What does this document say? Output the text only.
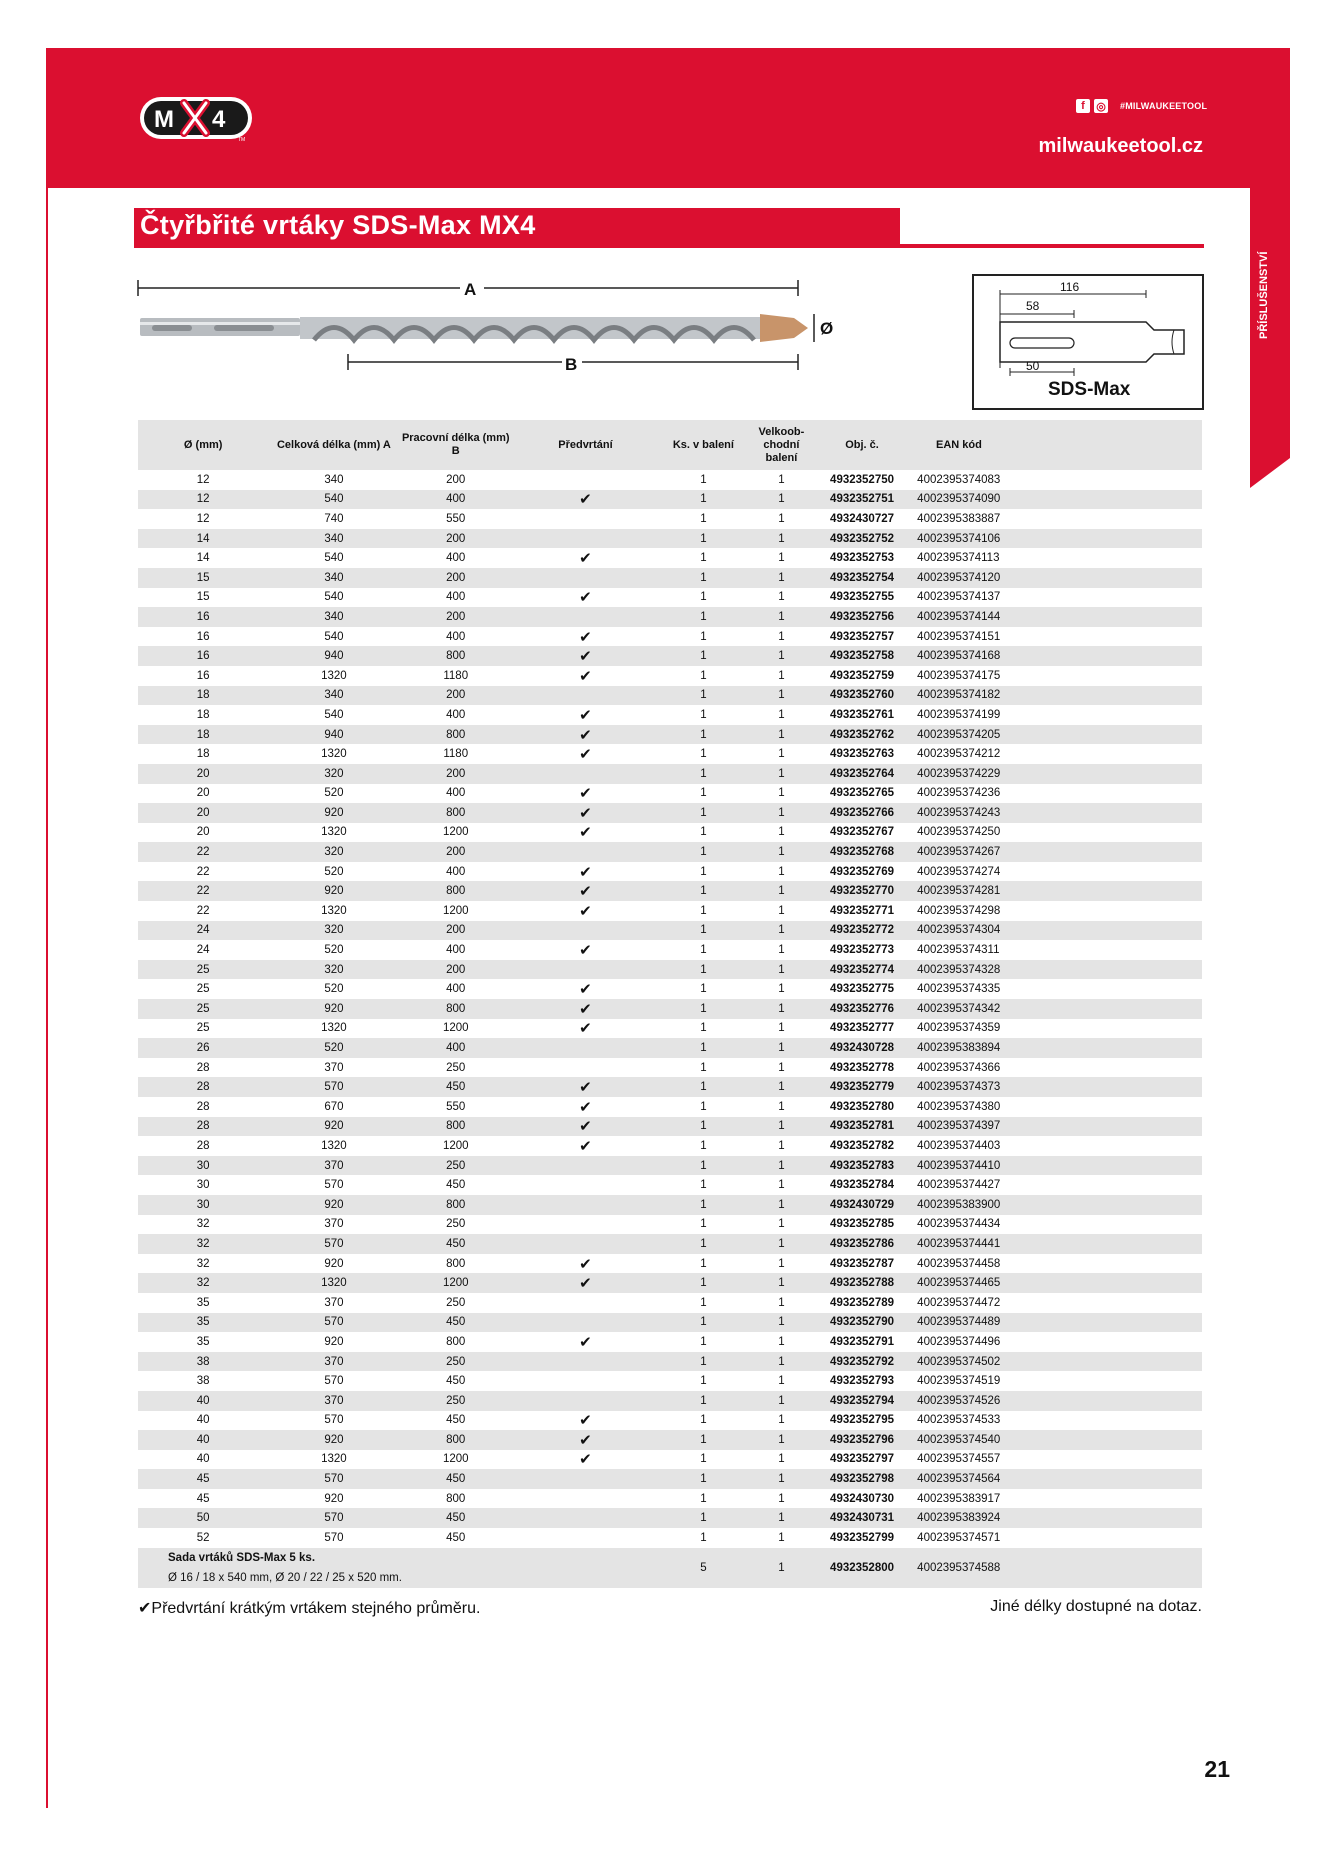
M 4
TM
f	◎ #MILWAUKEETOOL
milwaukeetool.cz
PŘÍSLUŠENSTVÍ
Čtyřbřité vrtáky SDS-Max MX4
A
Ø
B
116
58
50
SDS-Max
Ø (mm)	Celková délka (mm) A	Pracovní délka (mm) B	Předvrtání	Ks. v balení	Velkoob-chodní balení	Obj. č.	EAN kód	
12	340	200		1	1	4932352750	4002395374083	
12	540	400	✔	1	1	4932352751	4002395374090	
12	740	550		1	1	4932430727	4002395383887	
14	340	200		1	1	4932352752	4002395374106	
14	540	400	✔	1	1	4932352753	4002395374113	
15	340	200		1	1	4932352754	4002395374120	
15	540	400	✔	1	1	4932352755	4002395374137	
16	340	200		1	1	4932352756	4002395374144	
16	540	400	✔	1	1	4932352757	4002395374151	
16	940	800	✔	1	1	4932352758	4002395374168	
16	1320	1180	✔	1	1	4932352759	4002395374175	
18	340	200		1	1	4932352760	4002395374182	
18	540	400	✔	1	1	4932352761	4002395374199	
18	940	800	✔	1	1	4932352762	4002395374205	
18	1320	1180	✔	1	1	4932352763	4002395374212	
20	320	200		1	1	4932352764	4002395374229	
20	520	400	✔	1	1	4932352765	4002395374236	
20	920	800	✔	1	1	4932352766	4002395374243	
20	1320	1200	✔	1	1	4932352767	4002395374250	
22	320	200		1	1	4932352768	4002395374267	
22	520	400	✔	1	1	4932352769	4002395374274	
22	920	800	✔	1	1	4932352770	4002395374281	
22	1320	1200	✔	1	1	4932352771	4002395374298	
24	320	200		1	1	4932352772	4002395374304	
24	520	400	✔	1	1	4932352773	4002395374311	
25	320	200		1	1	4932352774	4002395374328	
25	520	400	✔	1	1	4932352775	4002395374335	
25	920	800	✔	1	1	4932352776	4002395374342	
25	1320	1200	✔	1	1	4932352777	4002395374359	
26	520	400		1	1	4932430728	4002395383894	
28	370	250		1	1	4932352778	4002395374366	
28	570	450	✔	1	1	4932352779	4002395374373	
28	670	550	✔	1	1	4932352780	4002395374380	
28	920	800	✔	1	1	4932352781	4002395374397	
28	1320	1200	✔	1	1	4932352782	4002395374403	
30	370	250		1	1	4932352783	4002395374410	
30	570	450		1	1	4932352784	4002395374427	
30	920	800		1	1	4932430729	4002395383900	
32	370	250		1	1	4932352785	4002395374434	
32	570	450		1	1	4932352786	4002395374441	
32	920	800	✔	1	1	4932352787	4002395374458	
32	1320	1200	✔	1	1	4932352788	4002395374465	
35	370	250		1	1	4932352789	4002395374472	
35	570	450		1	1	4932352790	4002395374489	
35	920	800	✔	1	1	4932352791	4002395374496	
38	370	250		1	1	4932352792	4002395374502	
38	570	450		1	1	4932352793	4002395374519	
40	370	250		1	1	4932352794	4002395374526	
40	570	450	✔	1	1	4932352795	4002395374533	
40	920	800	✔	1	1	4932352796	4002395374540	
40	1320	1200	✔	1	1	4932352797	4002395374557	
45	570	450		1	1	4932352798	4002395374564	
45	920	800		1	1	4932430730	4002395383917	
50	570	450		1	1	4932430731	4002395383924	
52	570	450		1	1	4932352799	4002395374571	

Sada vrtáků SDS-Max 5 ks.
Ø 16 / 18 x 540 mm, Ø 20 / 22 / 25 x 520 mm.				5	1	4932352800	4002395374588	
✔Předvrtání krátkým vrtákem stejného průměru.	Jiné délky dostupné na dotaz.
21
